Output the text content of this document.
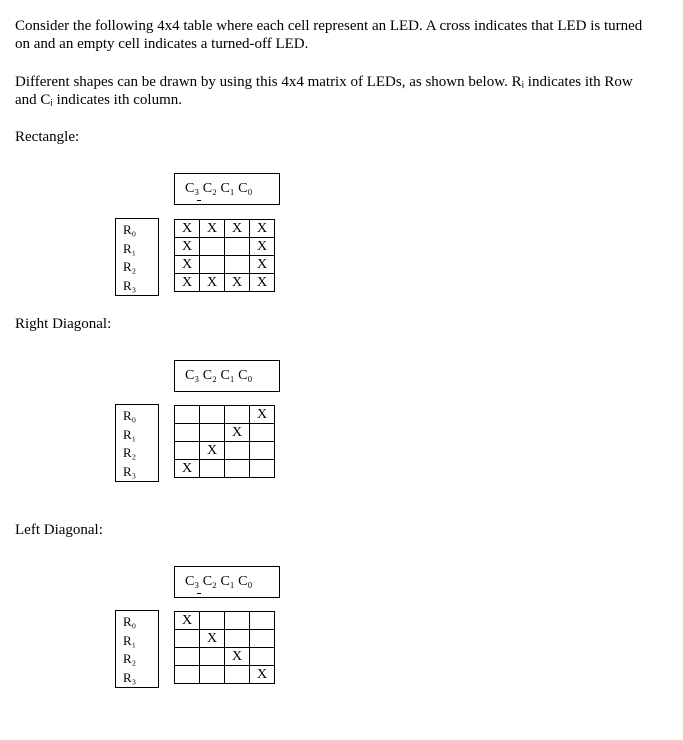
Consider the following 4x4 table where each cell represent an LED. A cross indicates that LED is turned on and an empty cell indicates a turned-off LED.

Different shapes can be drawn by using this 4x4 matrix of LEDs, as shown below. Rᵢ indicates ith Row and Cᵢ indicates ith column.

Rectangle:

C₃ C₂ C₁ C₀
R₀
R₁
R₂
R₃
X	X	X	X
X			X
X			X
X	X	X	X

Right Diagonal:

C₃ C₂ C₁ C₀
R₀
R₁
R₂
R₃
			X
		X	
	X		
X			

Left Diagonal:

C₃ C₂ C₁ C₀
R₀
R₁
R₂
R₃
X			
	X		
		X	
			X
